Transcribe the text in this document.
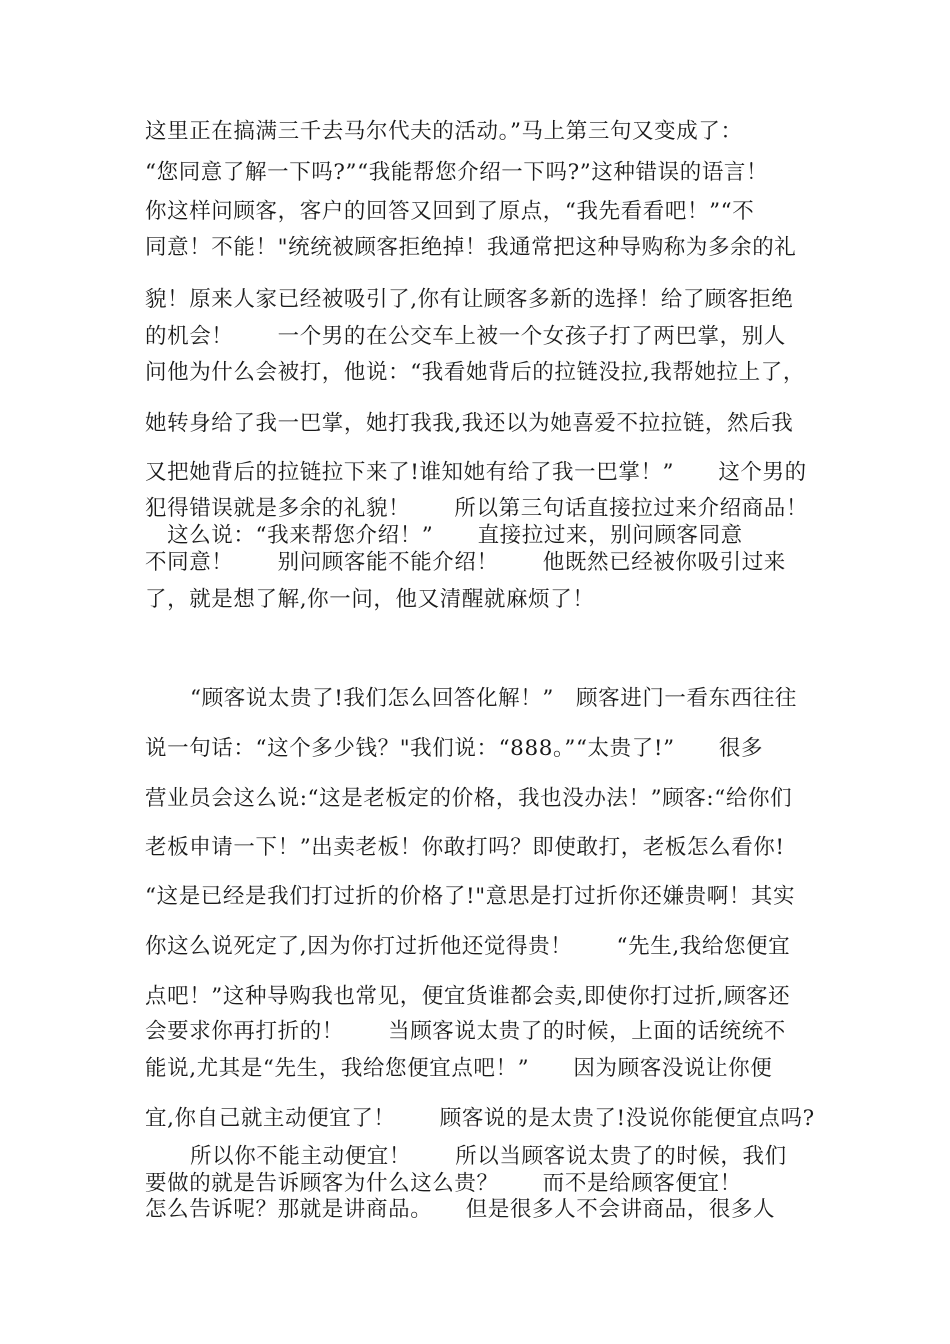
这里正在搞满三千去马尔代夫的活动。”马上第三句又变成了：
“您同意了解一下吗?”“我能帮您介绍一下吗?”这种错误的语言！
你这样问顾客，客户的回答又回到了原点，“我先看看吧！”“不
同意！不能！"统统被顾客拒绝掉！我通常把这种导购称为多余的礼
貌！原来人家已经被吸引了,你有让顾客多新的选择！给了顾客拒绝
的机会！　　一个男的在公交车上被一个女孩子打了两巴掌，别人
问他为什么会被打，他说：“我看她背后的拉链没拉,我帮她拉上了，
她转身给了我一巴掌，她打我我,我还以为她喜爱不拉拉链，然后我
又把她背后的拉链拉下来了!谁知她有给了我一巴掌！”　　这个男的
犯得错误就是多余的礼貌！　　所以第三句话直接拉过来介绍商品！
　这么说：“我来帮您介绍！”　　直接拉过来，别问顾客同意
不同意！　　别问顾客能不能介绍！　　他既然已经被你吸引过来
了，就是想了解,你一问，他又清醒就麻烦了！
“顾客说太贵了!我们怎么回答化解！”　顾客进门一看东西往往
说一句话：“这个多少钱？"我们说：“888。”“太贵了!”　　很多
营业员会这么说:“这是老板定的价格，我也没办法！”顾客:“给你们
老板申请一下！”出卖老板！你敢打吗？即使敢打，老板怎么看你!
“这是已经是我们打过折的价格了!"意思是打过折你还嫌贵啊！其实
你这么说死定了,因为你打过折他还觉得贵！　　“先生,我给您便宜
点吧！”这种导购我也常见，便宜货谁都会卖,即使你打过折,顾客还
会要求你再打折的！　　当顾客说太贵了的时候，上面的话统统不
能说,尤其是“先生，我给您便宜点吧！”　　因为顾客没说让你便
宜,你自己就主动便宜了！　　顾客说的是太贵了!没说你能便宜点吗?
所以你不能主动便宜！　　所以当顾客说太贵了的时候，我们
要做的就是告诉顾客为什么这么贵？　　而不是给顾客便宜！
怎么告诉呢？那就是讲商品。　　但是很多人不会讲商品，很多人
